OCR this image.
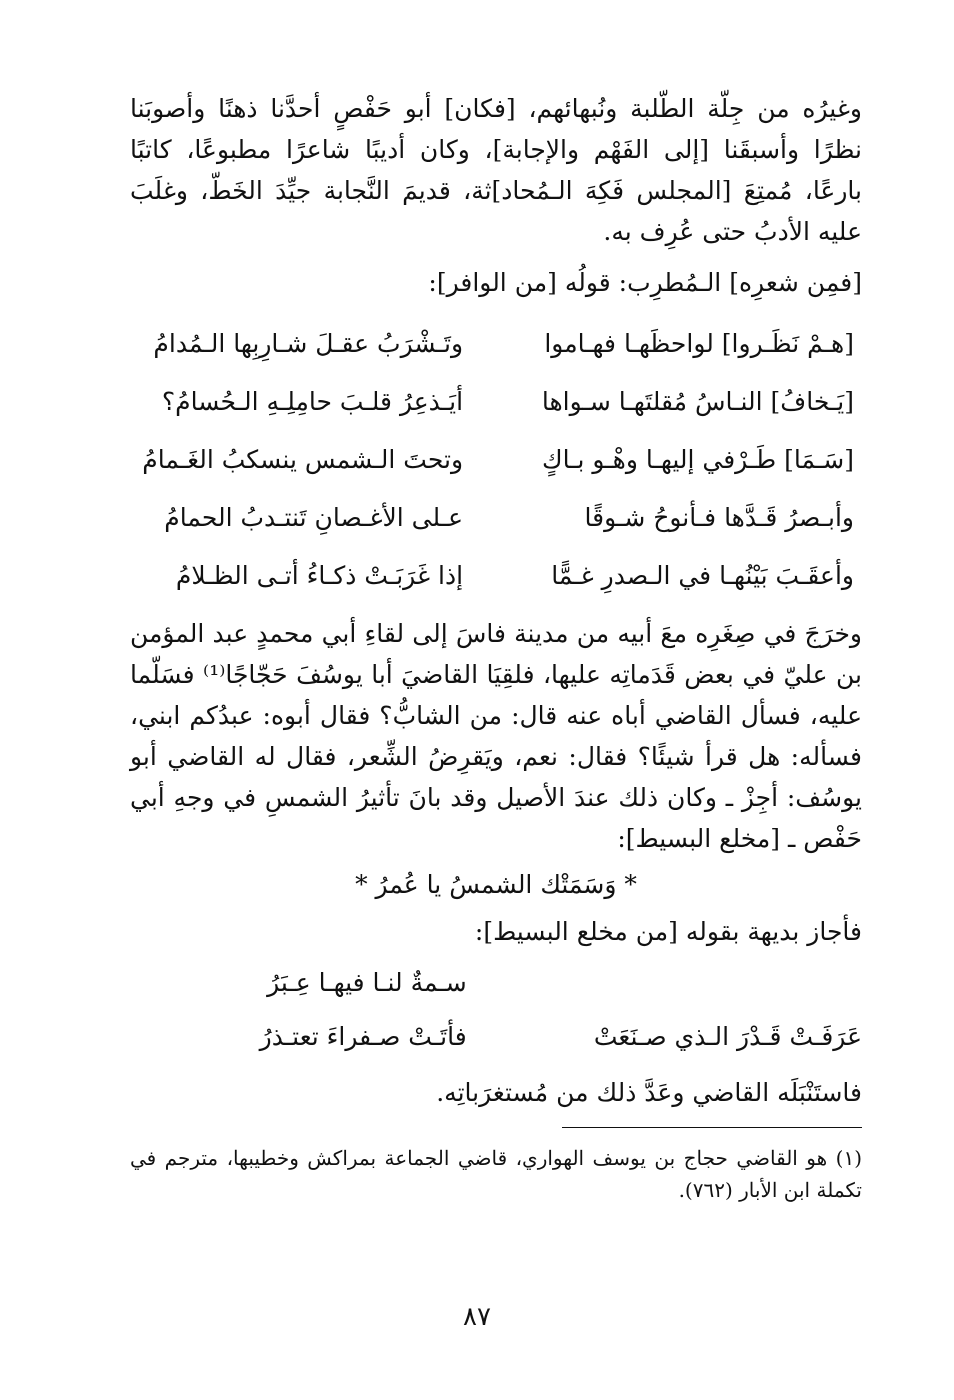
وغيرُه من جِلّة الطّلبة ونُبهائهم، [فكان] أبو حَفْصٍ أحدَّنا ذهنًا وأصوبَنا نظرًا وأسبقَنا [إلى الفَهْم والإجابة]، وكان أديبًا شاعرًا مطبوعًا، كاتبًا بارعًا، مُمتِعَ [المجلس فَكِهَ الـمُحاد]ثة، قديمَ النَّجابة جيِّدَ الخَطّ، وغلَبَ عليه الأدبُ حتى عُرِف به.

[فمِن شعرِه] الـمُطرِب: قولُه [من الوافر]:

[هـمْ نَظَـروا] لواحظَهـا فهـاموا
وتَـشْرَبُ عقـلَ شـارِبِها الـمُدامُ
[يَـخافُ] النـاسُ مُقلتَهـا سـواها
أيَـذعِرُ قلـبَ حامِلِـهِ الـحُسامُ؟
[سَـمَا] طَـرْفي إليهـا وهْـو بـاكٍ
وتحتَ الـشمس ينسكبُ الغَـمامُ
وأبـصرُ قَـدَّها فـأنوحُ شـوقًا
عـلى الأغـصانِ تَنتـدبُ الحمامُ
وأعقَـبَ بَيْنُهـا في الـصدرِ غـمًّا
إذا غَرَبَـتْ ذكـاءُ أتـى الظـلامُ

وخرَجَ في صِغَرِه معَ أبيه من مدينة فاسَ إلى لقاءِ أبي محمدٍ عبد المؤمن بن عليّ في بعض قَدَماتِه عليها، فلقِيَا القاضيَ أبا يوسُفَ حَجّاجًا⁽¹⁾ فسَلّما عليه، فسأل القاضي أباه عنه قال: من الشابُّ؟ فقال أبوه: عبدُكم ابني، فسأله: هل قرأ شيئًا؟ فقال: نعم، ويَقرِضُ الشِّعر، فقال له القاضي أبو يوسُف: أجِزْ ـ وكان ذلك عندَ الأصيل وقد بانَ تأثيرُ الشمسِ في وجهِ أبي حَفْص ـ [مخلع البسيط]:

* وَسَمَتْك الشمسُ يا عُمرُ *

فأجاز بديهة بقوله [من مخلع البسيط]:

سـمةٌ لنـا فيهـا عِـبَرُ
عَرَفَـتْ قَـدْرَ الـذي صـنَعَتْ
فأتَـتْ صـفراءَ تعتـذرُ

فاستَنْبَلَه القاضي وعَدَّ ذلك من مُستغرَباتِه.

(١) هو القاضي حجاج بن يوسف الهواري، قاضي الجماعة بمراكش وخطيبها، مترجم في تكملة ابن الأبار (٧٦٢).

٨٧
